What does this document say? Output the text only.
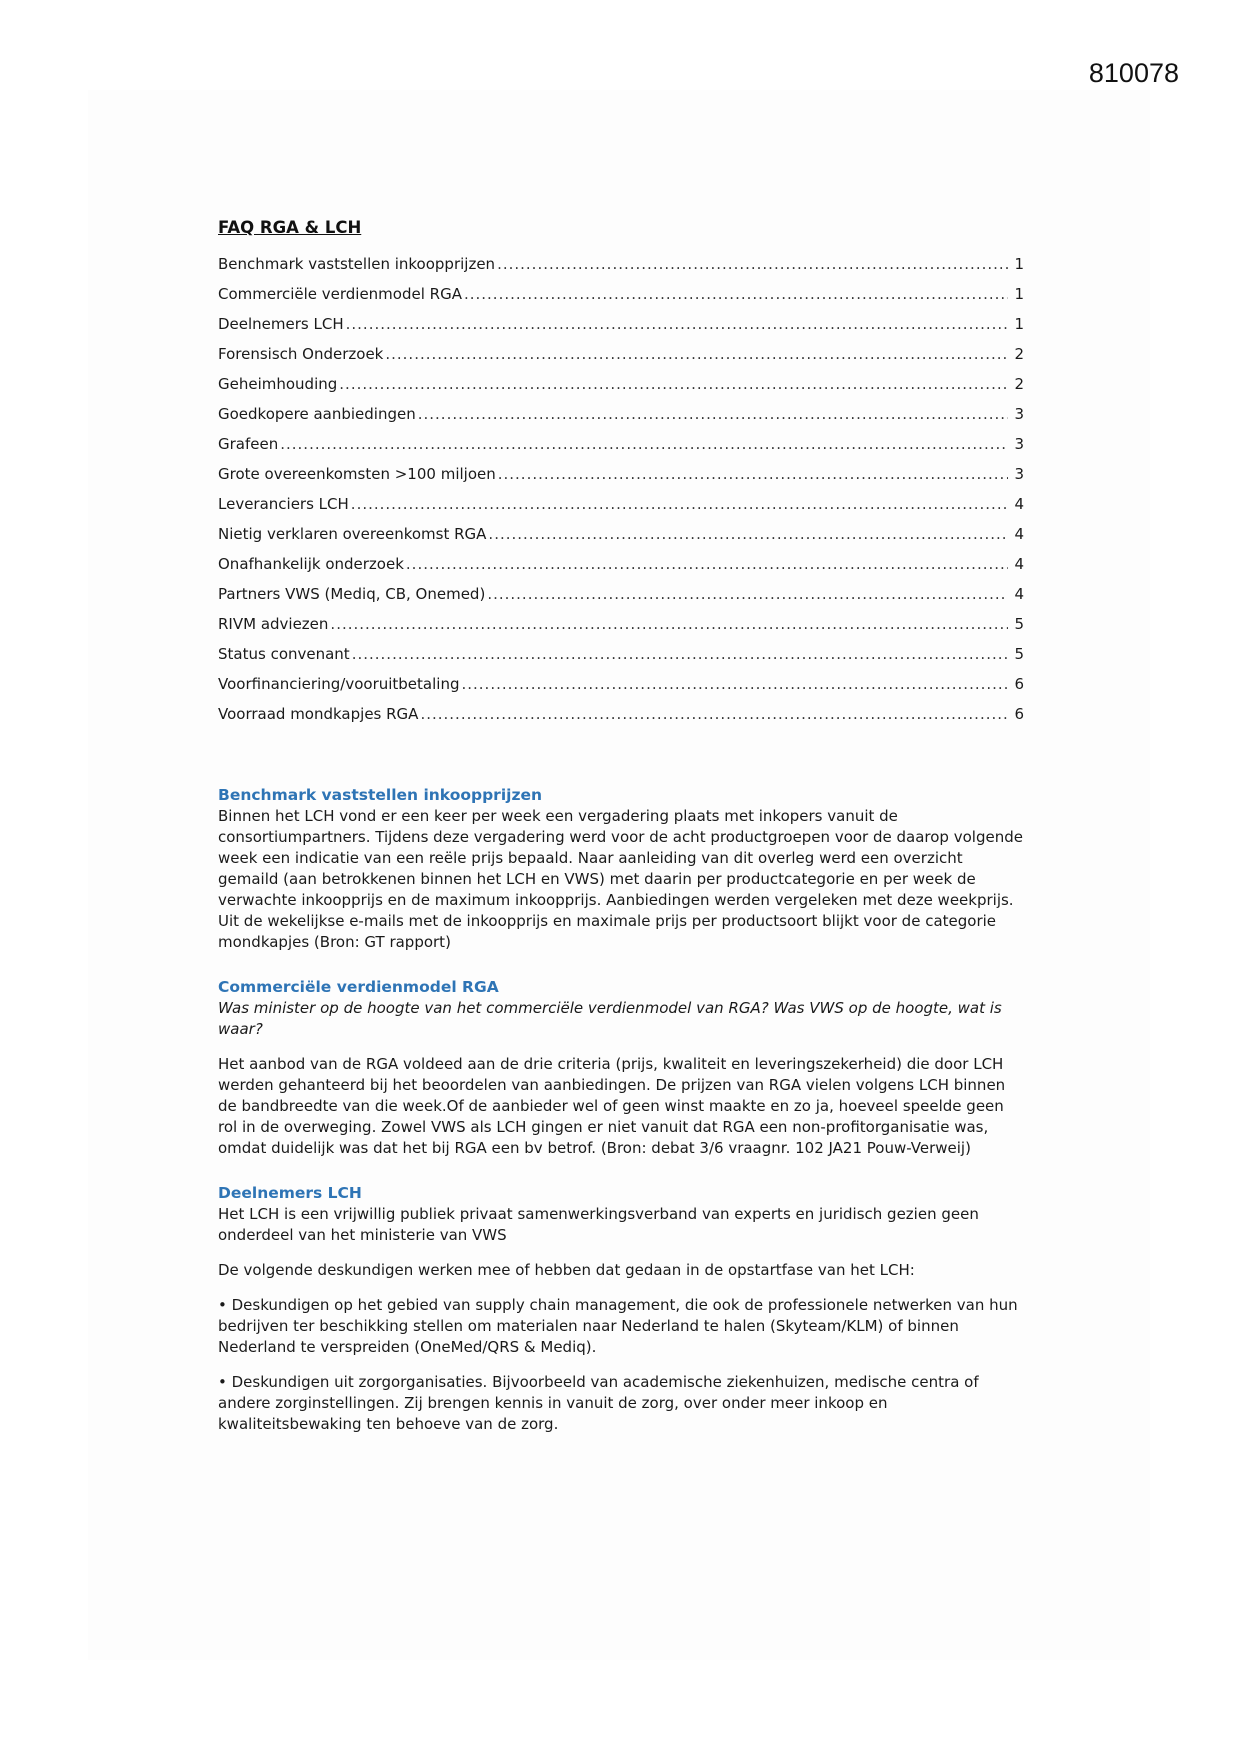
810078
FAQ RGA & LCH
Benchmark vaststellen inkoopprijzen .....	1
Commerciële verdienmodel RGA .....	1
Deelnemers LCH .....	1
Forensisch Onderzoek .....	2
Geheimhouding .....	2
Goedkopere aanbiedingen .....	3
Grafeen .....	3
Grote overeenkomsten >100 miljoen .....	3
Leveranciers LCH .....	4
Nietig verklaren overeenkomst RGA .....	4
Onafhankelijk onderzoek .....	4
Partners VWS (Mediq, CB, Onemed) .....	4
RIVM adviezen .....	5
Status convenant .....	5
Voorfinanciering/vooruitbetaling .....	6
Voorraad mondkapjes RGA .....	6
Benchmark vaststellen inkoopprijzen

Binnen het LCH vond er een keer per week een vergadering plaats met inkopers vanuit de consortiumpartners. Tijdens deze vergadering werd voor de acht productgroepen voor de daarop volgende week een indicatie van een reële prijs bepaald. Naar aanleiding van dit overleg werd een overzicht gemaild (aan betrokkenen binnen het LCH en VWS) met daarin per productcategorie en per week de verwachte inkoopprijs en de maximum inkoopprijs. Aanbiedingen werden vergeleken met deze weekprijs. Uit de wekelijkse e-mails met de inkoopprijs en maximale prijs per productsoort blijkt voor de categorie mondkapjes (Bron: GT rapport)

Commerciële verdienmodel RGA

Was minister op de hoogte van het commerciële verdienmodel van RGA? Was VWS op de hoogte, wat is waar?

Het aanbod van de RGA voldeed aan de drie criteria (prijs, kwaliteit en leveringszekerheid) die door LCH werden gehanteerd bij het beoordelen van aanbiedingen. De prijzen van RGA vielen volgens LCH binnen de bandbreedte van die week.Of de aanbieder wel of geen winst maakte en zo ja, hoeveel speelde geen rol in de overweging. Zowel VWS als LCH gingen er niet vanuit dat RGA een non-profitorganisatie was, omdat duidelijk was dat het bij RGA een bv betrof. (Bron: debat 3/6 vraagnr. 102 JA21 Pouw-Verweij)

Deelnemers LCH

Het LCH is een vrijwillig publiek privaat samenwerkingsverband van experts en juridisch gezien geen onderdeel van het ministerie van VWS

De volgende deskundigen werken mee of hebben dat gedaan in de opstartfase van het LCH:

• Deskundigen op het gebied van supply chain management, die ook de professionele netwerken van hun bedrijven ter beschikking stellen om materialen naar Nederland te halen (Skyteam/KLM) of binnen Nederland te verspreiden (OneMed/QRS & Mediq).

• Deskundigen uit zorgorganisaties. Bijvoorbeeld van academische ziekenhuizen, medische centra of andere zorginstellingen. Zij brengen kennis in vanuit de zorg, over onder meer inkoop en kwaliteitsbewaking ten behoeve van de zorg.
